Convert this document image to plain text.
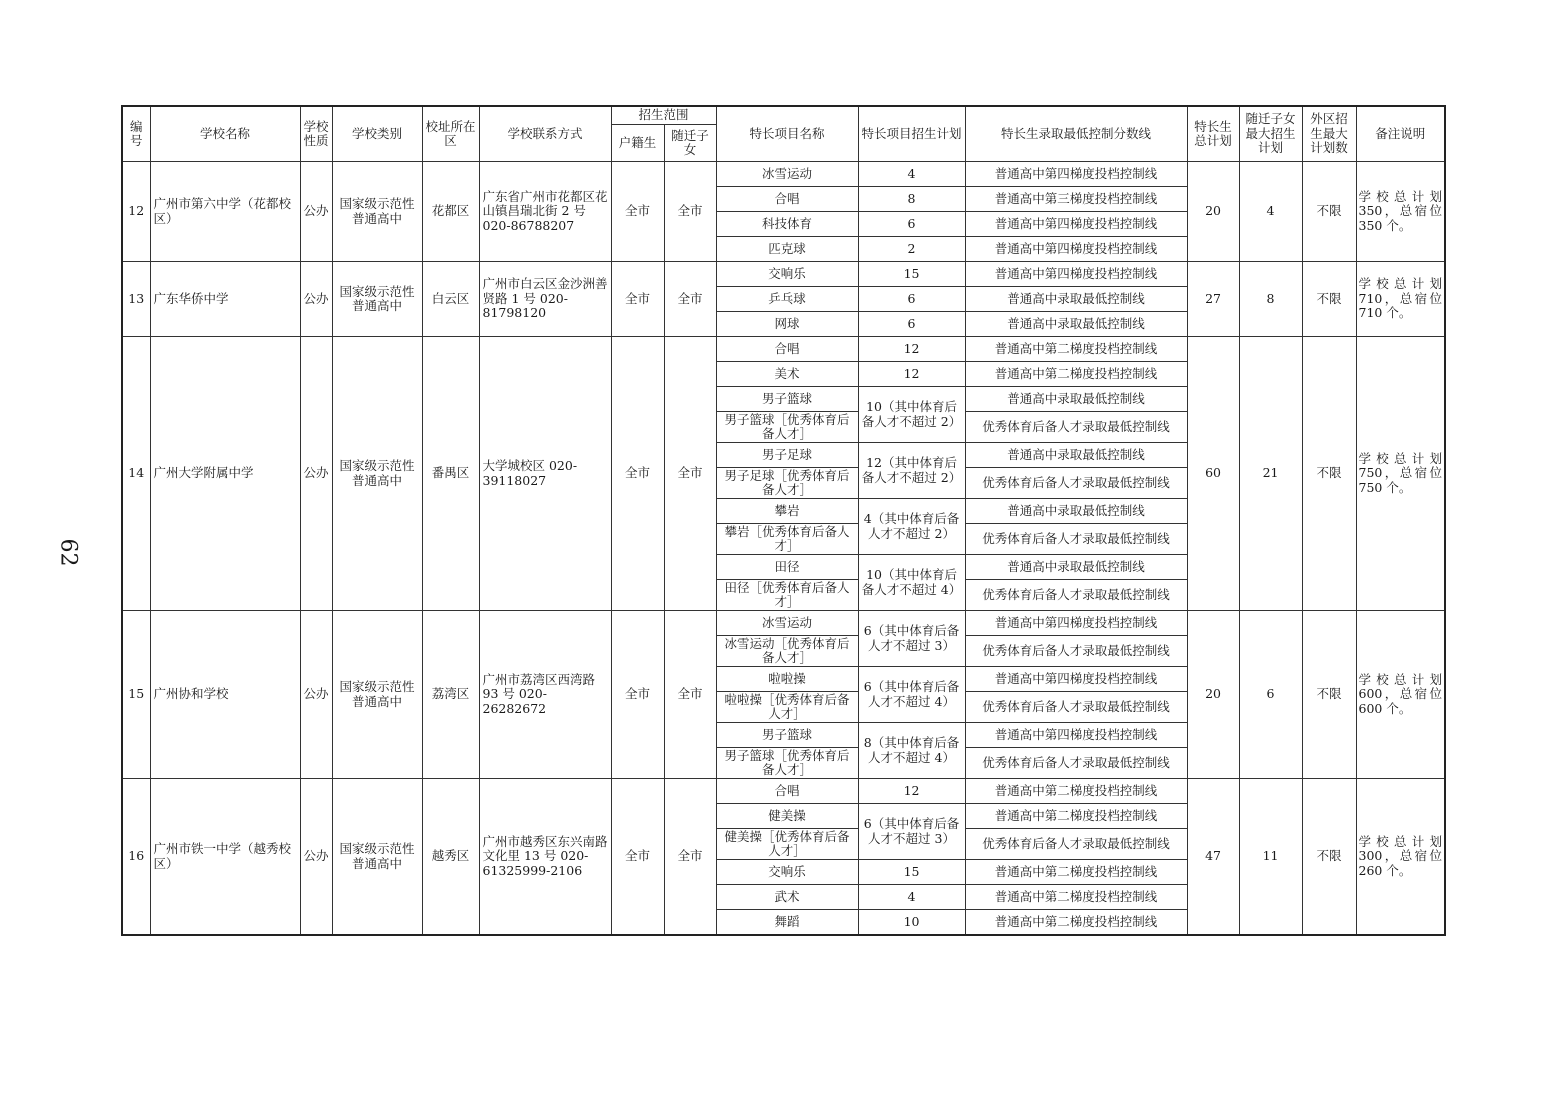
62
编号	学校名称	学校性质	学校类别	校址所在区	学校联系方式	招生范围		特长项目名称	特长项目招生计划	特长生录取最低控制分数线	特长生总计划	随迁子女最大招生计划	外区招生最大计划数	备注说明
						户籍生	随迁子女							
12	广州市第六中学（花都校区）	公办	国家级示范性普通高中	花都区	广东省广州市花都区花山镇昌瑞北街 2 号 020-86788207	全市	全市	冰雪运动	4	普通高中第四梯度投档控制线	20	4	不限	学校总计划 350，总宿位 350 个。
								合唱	8	普通高中第三梯度投档控制线				
								科技体育	6	普通高中第四梯度投档控制线				
								匹克球	2	普通高中第四梯度投档控制线				
13	广东华侨中学	公办	国家级示范性普通高中	白云区	广州市白云区金沙洲善贤路 1 号 020-81798120	全市	全市	交响乐	15	普通高中第四梯度投档控制线	27	8	不限	学校总计划 710，总宿位 710 个。
								乒乓球	6	普通高中录取最低控制线				
								网球	6	普通高中录取最低控制线				
14	广州大学附属中学	公办	国家级示范性普通高中	番禺区	大学城校区 020-39118027	全市	全市	合唱	12	普通高中第二梯度投档控制线	60	21	不限	学校总计划 750，总宿位 750 个。
								美术	12	普通高中第二梯度投档控制线				
								男子篮球	10（其中体育后备人才不超过 2）	普通高中录取最低控制线				
								男子篮球［优秀体育后备人才］		优秀体育后备人才录取最低控制线				
								男子足球	12（其中体育后备人才不超过 2）	普通高中录取最低控制线				
								男子足球［优秀体育后备人才］		优秀体育后备人才录取最低控制线				
								攀岩	4（其中体育后备人才不超过 2）	普通高中录取最低控制线				
								攀岩［优秀体育后备人才］		优秀体育后备人才录取最低控制线				
								田径	10（其中体育后备人才不超过 4）	普通高中录取最低控制线				
								田径［优秀体育后备人才］		优秀体育后备人才录取最低控制线				
15	广州协和学校	公办	国家级示范性普通高中	荔湾区	广州市荔湾区西湾路 93 号 020-26282672	全市	全市	冰雪运动	6（其中体育后备人才不超过 3）	普通高中第四梯度投档控制线	20	6	不限	学校总计划 600，总宿位 600 个。
								冰雪运动［优秀体育后备人才］		优秀体育后备人才录取最低控制线				
								啦啦操	6（其中体育后备人才不超过 4）	普通高中第四梯度投档控制线				
								啦啦操［优秀体育后备人才］		优秀体育后备人才录取最低控制线				
								男子篮球	8（其中体育后备人才不超过 4）	普通高中第四梯度投档控制线				
								男子篮球［优秀体育后备人才］		优秀体育后备人才录取最低控制线				
16	广州市铁一中学（越秀校区）	公办	国家级示范性普通高中	越秀区	广州市越秀区东兴南路文化里 13 号 020-61325999-2106	全市	全市	合唱	12	普通高中第二梯度投档控制线	47	11	不限	学校总计划 300，总宿位 260 个。
								健美操	6（其中体育后备人才不超过 3）	普通高中第二梯度投档控制线				
								健美操［优秀体育后备人才］		优秀体育后备人才录取最低控制线				
								交响乐	15	普通高中第二梯度投档控制线				
								武术	4	普通高中第二梯度投档控制线				
								舞蹈	10	普通高中第二梯度投档控制线				
